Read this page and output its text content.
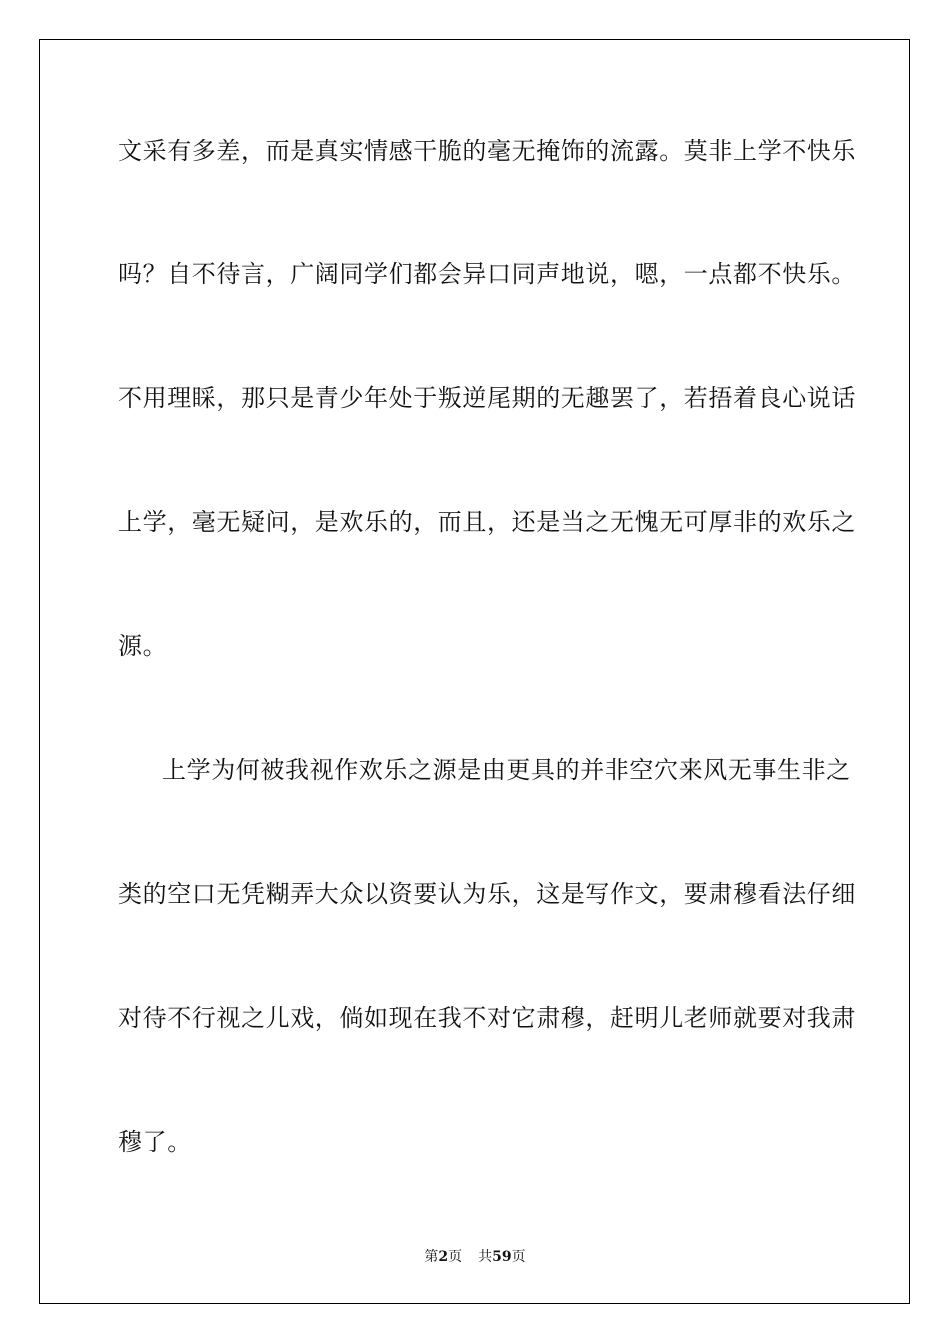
文采有多差，而是真实情感干脆的毫无掩饰的流露。莫非上学不快乐
吗？自不待言，广阔同学们都会异口同声地说，嗯，一点都不快乐。
不用理睬，那只是青少年处于叛逆尾期的无趣罢了，若捂着良心说话
上学，毫无疑问，是欢乐的，而且，还是当之无愧无可厚非的欢乐之
源。
上学为何被我视作欢乐之源是由更具的并非空穴来风无事生非之
类的空口无凭糊弄大众以资要认为乐，这是写作文，要肃穆看法仔细
对待不行视之儿戏，倘如现在我不对它肃穆，赶明儿老师就要对我肃
穆了。
第2页 共59页
